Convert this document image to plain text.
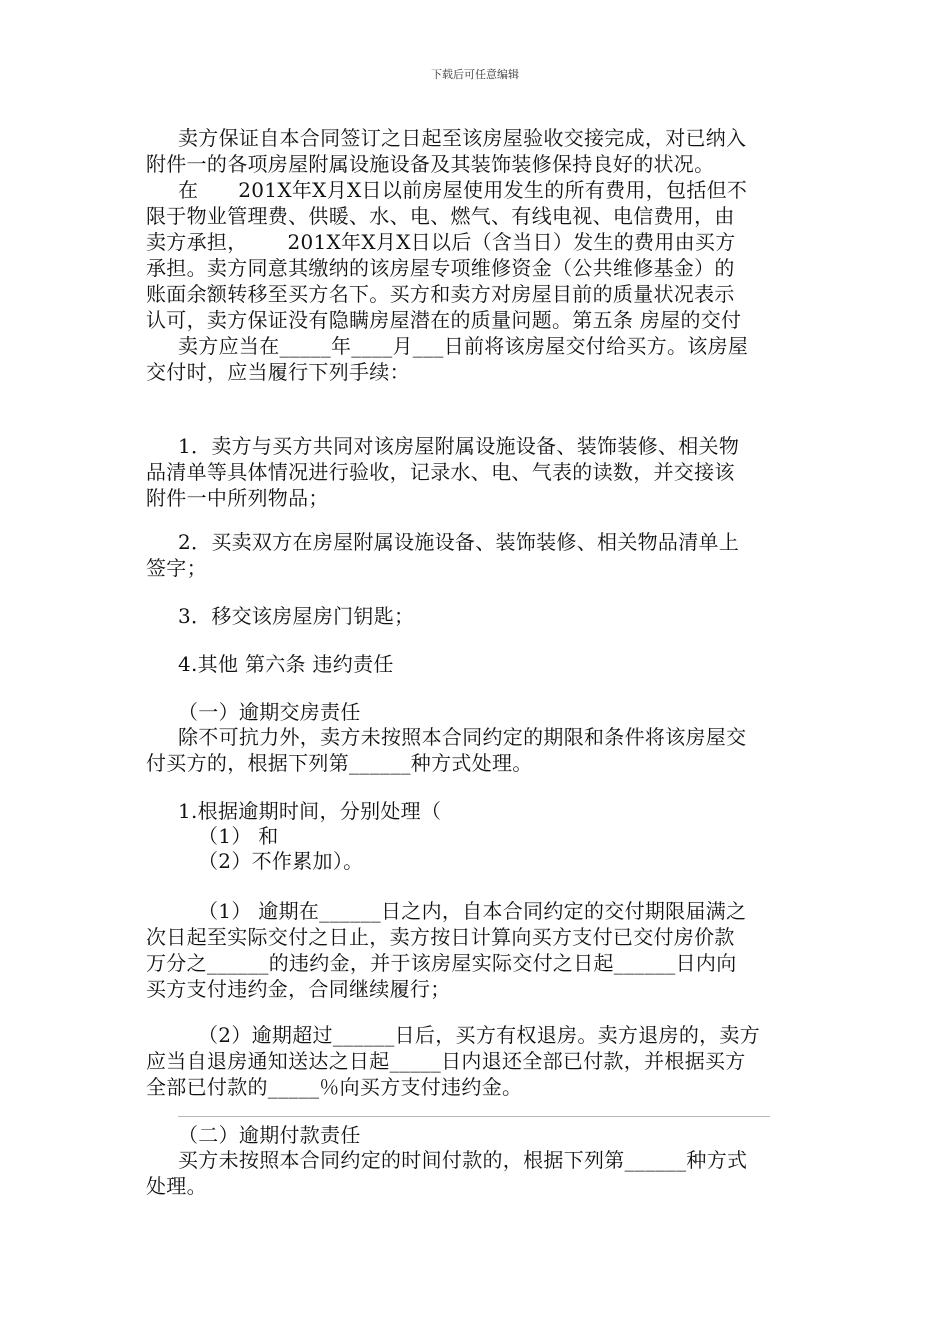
下载后可任意编辑
卖方保证自本合同签订之日起至该房屋验收交接完成，对已纳入
附件一的各项房屋附属设施设备及其装饰装修保持良好的状况。
在      201X年X月X日以前房屋使用发生的所有费用，包括但不
限于物业管理费、供暖、水、电、燃气、有线电视、电信费用，由
卖方承担，      201X年X月X日以后（含当日）发生的费用由买方
承担。卖方同意其缴纳的该房屋专项维修资金（公共维修基金）的
账面余额转移至买方名下。买方和卖方对房屋目前的质量状况表示
认可，卖方保证没有隐瞒房屋潜在的质量问题。第五条 房屋的交付
卖方应当在_____年____月___日前将该房屋交付给买方。该房屋
交付时，应当履行下列手续：
1．卖方与买方共同对该房屋附属设施设备、装饰装修、相关物
品清单等具体情况进行验收，记录水、电、气表的读数，并交接该
附件一中所列物品；
2．买卖双方在房屋附属设施设备、装饰装修、相关物品清单上
签字；
3．移交该房屋房门钥匙；
4.其他 第六条 违约责任
（一）逾期交房责任
除不可抗力外，卖方未按照本合同约定的期限和条件将该房屋交
付买方的，根据下列第______种方式处理。
1.根据逾期时间，分别处理（
（1） 和
（2）不作累加）。
（1） 逾期在______日之内，自本合同约定的交付期限届满之
次日起至实际交付之日止，卖方按日计算向买方支付已交付房价款
万分之______的违约金，并于该房屋实际交付之日起______日内向
买方支付违约金，合同继续履行；
（2）逾期超过______日后，买方有权退房。卖方退房的，卖方
应当自退房通知送达之日起_____日内退还全部已付款，并根据买方
全部已付款的_____％向买方支付违约金。
（二）逾期付款责任
买方未按照本合同约定的时间付款的，根据下列第______种方式
处理。
